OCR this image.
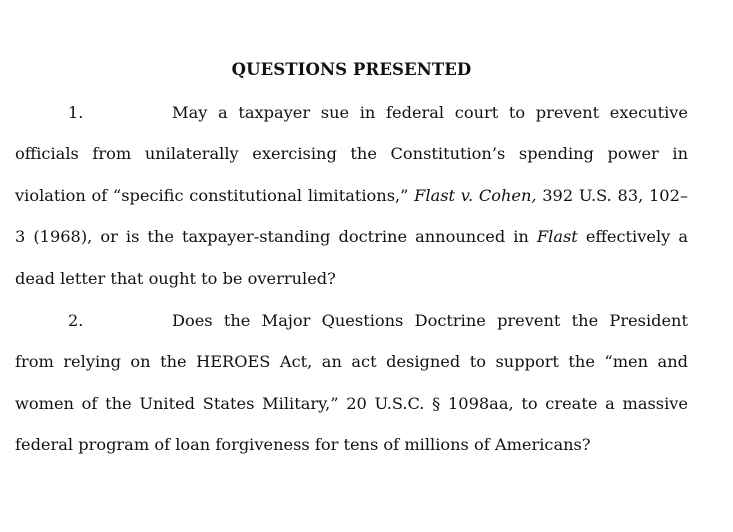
QUESTIONS PRESENTED
1.	May a taxpayer sue in federal court to prevent executive officials from unilaterally exercising the Constitution’s spending power in violation of “specific constitutional limitations,” Flast v. Cohen, 392 U.S. 83, 102–3 (1968), or is the taxpayer-standing doctrine announced in Flast effectively a dead letter that ought to be overruled?
2.	Does the Major Questions Doctrine prevent the President from relying on the HEROES Act, an act designed to support the “men and women of the United States Military,” 20 U.S.C. § 1098aa, to create a massive federal program of loan forgiveness for tens of millions of Americans?
